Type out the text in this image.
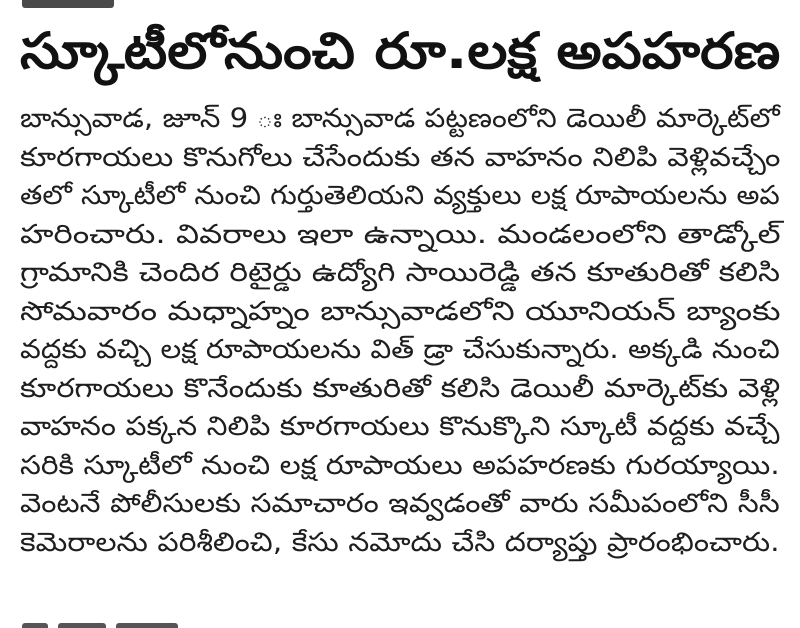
స్కూటీలోనుంచి రూ.లక్ష అపహరణ
బాన్సువాడ, జూన్ 9 ః బాన్సువాడ పట్టణంలోని డెయిలీ మార్కెట్‌లో
కూరగాయలు కొనుగోలు చేసేందుకు తన వాహనం నిలిపి వెళ్లివచ్చేం
తలో స్కూటీలో నుంచి గుర్తుతెలియని వ్యక్తులు లక్ష రూపాయలను అప
హరించారు. వివరాలు ఇలా ఉన్నాయి. మండలంలోని తాడ్కోల్
గ్రామానికి చెందిర రిటైర్డు ఉద్యోగి సాయిరెడ్డి తన కూతురితో కలిసి
సోమవారం మధ్నాహ్నం బాన్సువాడలోని యూనియన్ బ్యాంకు
వద్దకు వచ్చి లక్ష రూపాయలను విత్ డ్రా చేసుకున్నారు. అక్కడి నుంచి
కూరగాయలు కొనేందుకు కూతురితో కలిసి డెయిలీ మార్కెట్‌కు వెళ్లి
వాహనం పక్కన నిలిపి కూరగాయలు కొనుక్కొని స్కూటీ వద్దకు వచ్చే
సరికి స్కూటీలో నుంచి లక్ష రూపాయలు అపహరణకు గురయ్యాయి.
వెంటనే పోలీసులకు సమాచారం ఇవ్వడంతో వారు సమీపంలోని సీసీ
కెమెరాలను పరిశీలించి, కేసు నమోదు చేసి దర్యాప్తు ప్రారంభించారు.
